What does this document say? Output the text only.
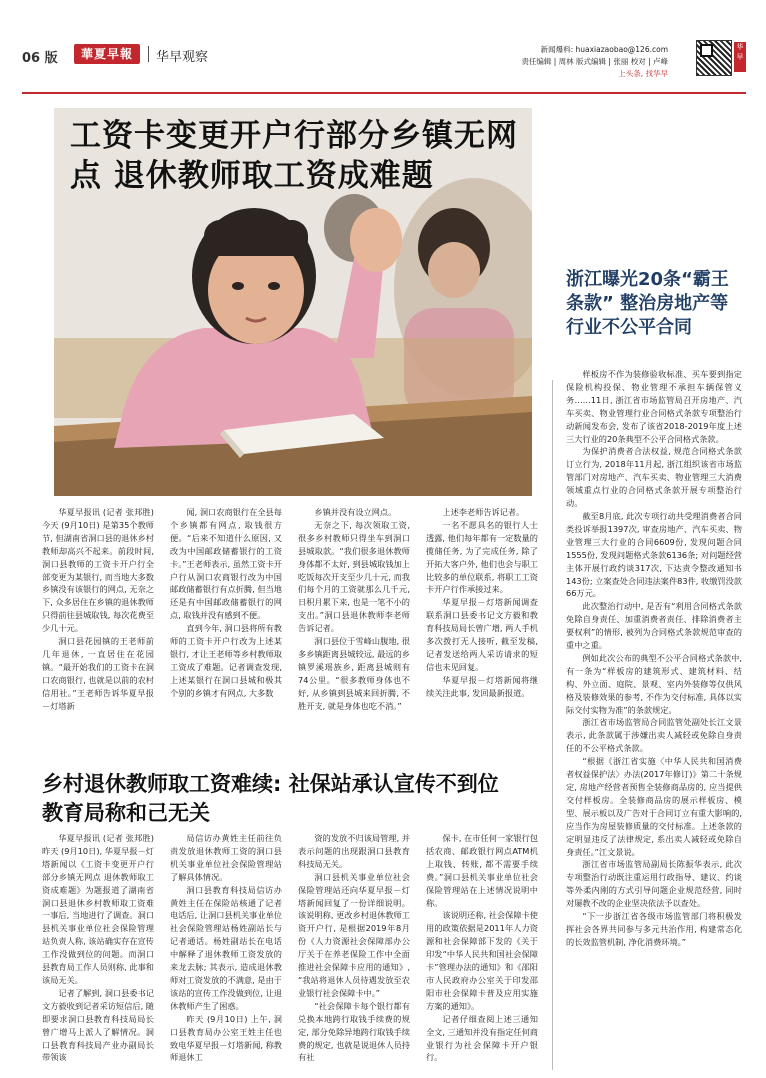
06 版	華夏早報	华早观察
新闻爆料: huaxiazaobao@126.com
责任编辑 | 周林 版式编辑 | 张丽 校对 | 卢峰
上头条, 找华早
华早
工资卡变更开户行部分乡镇无网点 退休教师取工资成难题
浙江曝光20条“霸王条款” 整治房地产等行业不公平合同

样板房不作为装修验收标准、买车要到指定保险机构投保、物业管理不承担车辆保管义务……11日, 浙江省市场监管局召开房地产、汽车买卖、物业管理行业合同格式条款专项整治行动新闻发布会, 发布了该省2018-2019年度上述三大行业的20条典型不公平合同格式条款。

为保护消费者合法权益, 规范合同格式条款订立行为, 2018年11月起, 浙江组织该省市场监管部门对房地产、汽车买卖、物业管理三大消费领域重点行业的合同格式条款开展专项整治行动。

截至8月底, 此次专项行动共受理消费者合同类投诉举报1397次, 审查房地产、汽车买卖、物业管理三大行业的合同6609份, 发现问题合同1555份, 发现问题格式条款6136条; 对问题经营主体开展行政约谈317次, 下达责令整改通知书143份; 立案查处合同违法案件83件, 收缴罚没款66万元。

此次整治行动中, 是否有“利用合同格式条款免除自身责任、加重消费者责任、排除消费者主要权利”的情形, 被列为合同格式条款规范审查的重中之重。

例如此次公布的典型不公平合同格式条款中, 有一条为“样板房的建筑形式、建筑材料、结构、外立面、庭院、景观、室内外装修等仅供风格及装修效果的参考, 不作为交付标准, 具体以实际交付实物为准”的条款规定。

浙江省市场监管局合同监管处副处长江文景表示, 此条款属于涉嫌出卖人减轻或免除自身责任的不公平格式条款。

“根据《浙江省实施〈中华人民共和国消费者权益保护法〉办法(2017年修订)》第二十条规定, 房地产经营者预售全装修商品房的, 应当提供交付样板房。全装修商品房的展示样板房、模型、展示板以及广告对于合同订立有重大影响的, 应当作为房屋装修质量的交付标准。上述条款的定明显违反了法律规定, 系出卖人减轻或免除自身责任。”江文景说。

浙江省市场监管局副局长陈振华表示, 此次专项整治行动既注重运用行政指导、建议、约谈等外柔内刚的方式引导问题企业规范经营, 同时对屡教不改的企业坚决依法予以查处。

“下一步浙江省各级市场监管部门将积极发挥社会各界共同参与多元共治作用, 构建常态化的长效监管机制, 净化消费环境。”

华夏早报讯 (记者 张邦胜) 今天 (9月10日) 是第35个教师节, 但湖南省洞口县的退休乡村教师却高兴不起来。前段时间, 洞口县教师的工资卡开户行全部变更为某银行, 而当地大多数乡镇没有该银行的网点, 无奈之下, 众多居住在乡镇的退休教师只得前往县城取钱, 每次花费至少几十元。

洞口县花园镇的王老师前几年退休, 一直居住在花园镇。“最开始我们的工资卡在洞口农商银行, 也就是以前的农村信用社。”王老师告诉华夏早报－灯塔新

闻, 洞口农商银行在全县每个乡镇都有网点, 取钱很方便。“后来不知道什么原因, 又改为中国邮政储蓄银行的工资卡。”王老师表示, 虽然工资卡开户行从洞口农商银行改为中国邮政储蓄银行有点折腾, 但当地还是有中国邮政储蓄银行的网点, 取钱并没有感到不便。

直到今年, 洞口县将所有教师的工资卡开户行改为上述某银行, 才让王老师等乡村教师取工资成了难题。记者调查发现, 上述某银行在洞口县城和极其个别的乡镇才有网点, 大多数

乡镇并没有设立网点。

无奈之下, 每次领取工资, 很多乡村教师只得坐车到洞口县城取款。“我们很多退休教师身体都不太好, 到县城取钱加上吃饭每次开支至少几十元, 而我们每个月的工资就那么几千元, 日积月累下来, 也是一笔不小的支出。”洞口县退休教师李老师告诉记者。

洞口县位于雪峰山腹地, 很多乡镇距离县城较远, 最远的乡镇罗溪瑶族乡, 距离县城则有74公里。“很多教师身体也不好, 从乡镇到县城来回折腾, 不胜开支, 就是身体也吃不消。”

上述李老师告诉记者。

一名不愿具名的银行人士透露, 他们每年都有一定数量的揽储任务, 为了完成任务, 除了开拓大客户外, 他们也会与职工比较多的单位联系, 将职工工资卡开户行作承接过来。

华夏早报－灯塔新闻调查联系洞口县委书记文方毅和教育科技局局长曾广增, 两人手机多次拨打无人接听, 截至发稿, 记者发送给两人采访请求的短信也未见回复。

华夏早报－灯塔新闻将继续关注此事, 发回最新报道。

乡村退休教师取工资难续: 社保站承认宣传不到位 教育局称和己无关

华夏早报讯 (记者 张邦胜) 昨天 (9月10日), 华夏早报－灯塔新闻以《工资卡变更开户行部分乡镇无网点 退休教师取工资成难题》为题报道了湖南省洞口县退休乡村教师取工资难一事后, 当地进行了调查。洞口县机关事业单位社会保险管理站负责人称, 该站确实存在宣传工作没做到位的问题。而洞口县教育局工作人员则称, 此事和该局无关。

记者了解到, 洞口县委书记文方毅收到记者采访短信后, 随即要求洞口县教育科技局局长曾广增马上派人了解情况。洞口县教育科技局产业办副局长带领该

局信访办黄姓主任前往负责发放退休教师工资的洞口县机关事业单位社会保险管理站了解具体情况。

洞口县教育科技局信访办黄姓主任在保险站核通了记者电话后, 让洞口县机关事业单位社会保险管理站杨姓副站长与记者通话。杨姓副站长在电话中解释了退休教师工资发放的来龙去脉; 其表示, 造成退休教师对工资发放的不满意, 是由于该站的宣传工作没做到位, 让退休教师产生了困惑。

昨天 (9月10日) 上午, 洞口县教育局办公室王姓主任也致电华夏早报－灯塔新闻, 称教师退休工

资的发放不归该局管理, 并表示问题的出现跟洞口县教育科技局无关。

洞口县机关事业单位社会保险管理站还向华夏早报－灯塔新闻回复了一份详细说明。该说明称, 更改乡村退休教师工资开户行, 是根据2019年8月份《人力资源社会保障部办公厅关于在养老保险工作中全面推进社会保障卡应用的通知》, “我站将退休人员待遇发放至农业银行社会保障卡中。”

“社会保障卡每个银行都有兑换本地跨行取钱手续费的规定, 部分免除异地跨行取钱手续费的规定, 也就是说退休人员持有社

保卡, 在市任何一家银行包括农商、邮政银行网点ATM机上取钱、转账, 都不需要手续费。”洞口县机关事业单位社会保险管理站在上述情况说明中称。

该说明还称, 社会保障卡使用的政策依据是2011年人力资源和社会保障部下发的《关于印发“中华人民共和国社会保障卡”管理办法的通知》和《邵阳市人民政府办公室关于印发邵阳市社会保障卡普及应用实施方案的通知》。

记者仔细查阅上述三通知全文, 三通知并没有指定任何商业银行为社会保障卡开户银行。
